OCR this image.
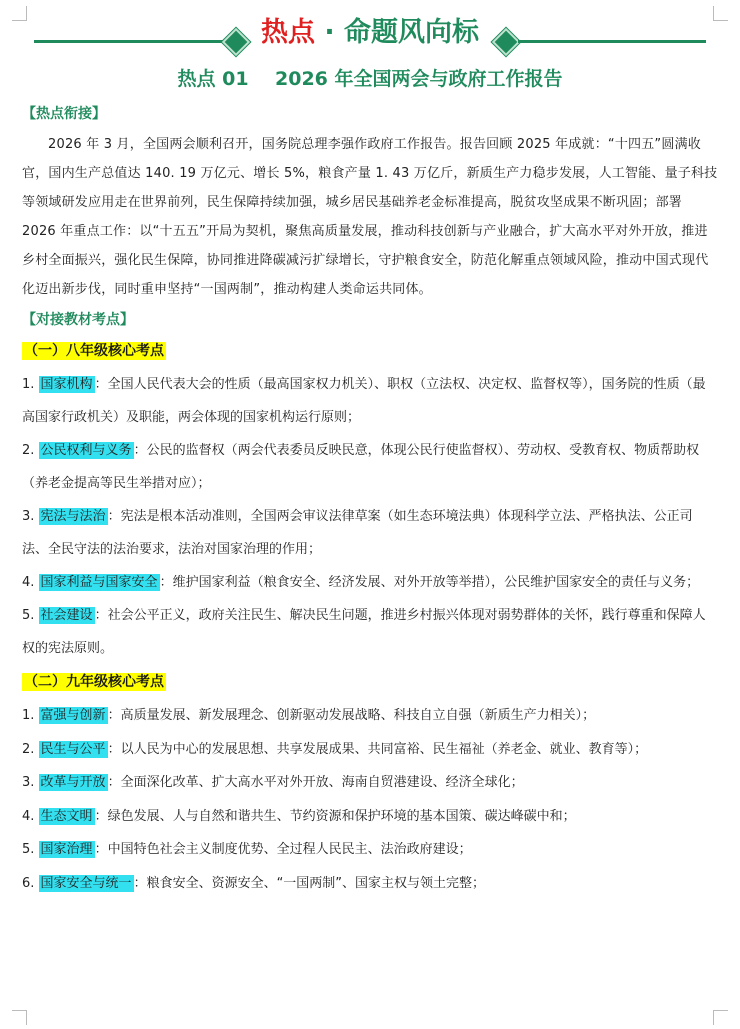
热点 · 命题风向标
热点 01    2026 年全国两会与政府工作报告
【热点衔接】

2026 年 3 月，全国两会顺利召开，国务院总理李强作政府工作报告。报告回顾 2025 年成就：“十四五”圆满收官，国内生产总值达 140. 19 万亿元、增长 5%，粮食产量 1. 43 万亿斤，新质生产力稳步发展，人工智能、量子科技等领域研发应用走在世界前列，民生保障持续加强，城乡居民基础养老金标准提高，脱贫攻坚成果不断巩固；部署 2026 年重点工作：以“十五五”开局为契机，聚焦高质量发展，推动科技创新与产业融合，扩大高水平对外开放，推进乡村全面振兴，强化民生保障，协同推进降碳减污扩绿增长，守护粮食安全，防范化解重点领域风险，推动中国式现代化迈出新步伐，同时重申坚持“一国两制”，推动构建人类命运共同体。

【对接教材考点】
（一）八年级核心考点

1. 国家机构 ：全国人民代表大会的性质（最高国家权力机关）、职权（立法权、决定权、监督权等），国务院的性质（最高国家行政机关）及职能，两会体现的国家机构运行原则；

2. 公民权利与义务 ：公民的监督权（两会代表委员反映民意，体现公民行使监督权）、劳动权、受教育权、物质帮助权（养老金提高等民生举措对应）；

3. 宪法与法治 ：宪法是根本活动准则，全国两会审议法律草案（如生态环境法典）体现科学立法、严格执法、公正司法、全民守法的法治要求，法治对国家治理的作用；

4. 国家利益与国家安全 ：维护国家利益（粮食安全、经济发展、对外开放等举措），公民维护国家安全的责任与义务；

5. 社会建设 ：社会公平正义，政府关注民生、解决民生问题，推进乡村振兴体现对弱势群体的关怀，践行尊重和保障人权的宪法原则。

（二）九年级核心考点

1. 富强与创新 ：高质量发展、新发展理念、创新驱动发展战略、科技自立自强（新质生产力相关）；

2. 民生与公平 ：以人民为中心的发展思想、共享发展成果、共同富裕、民生福祉（养老金、就业、教育等）；

3. 改革与开放 ：全面深化改革、扩大高水平对外开放、海南自贸港建设、经济全球化；

4. 生态文明 ：绿色发展、人与自然和谐共生、节约资源和保护环境的基本国策、碳达峰碳中和；

5. 国家治理 ：中国特色社会主义制度优势、全过程人民民主、法治政府建设；

6. 国家安全与统一 ：粮食安全、资源安全、“一国两制”、国家主权与领土完整；
